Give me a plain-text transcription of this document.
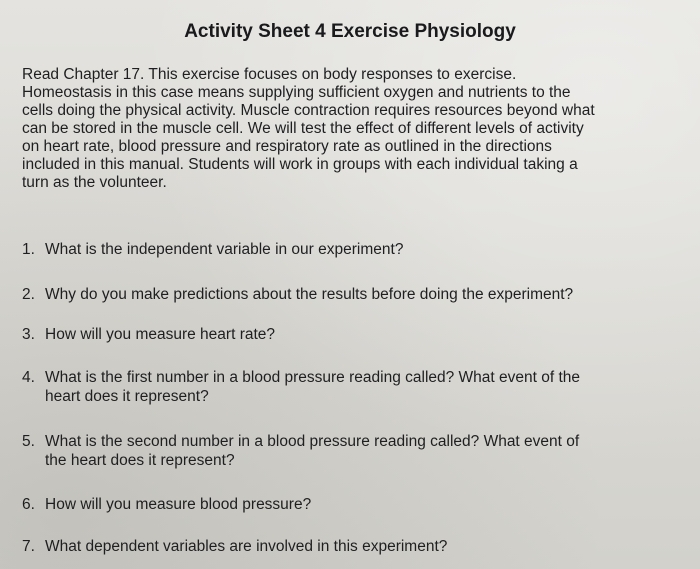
Activity Sheet 4 Exercise Physiology
Read Chapter 17. This exercise focuses on body responses to exercise.
Homeostasis in this case means supplying sufficient oxygen and nutrients to the
cells doing the physical activity. Muscle contraction requires resources beyond what
can be stored in the muscle cell. We will test the effect of different levels of activity
on heart rate, blood pressure and respiratory rate as outlined in the directions
included in this manual. Students will work in groups with each individual taking a
turn as the volunteer.
1. What is the independent variable in our experiment?
2. Why do you make predictions about the results before doing the experiment?
3. How will you measure heart rate?
4. What is the first number in a blood pressure reading called? What event of the
heart does it represent?
5. What is the second number in a blood pressure reading called? What event of
the heart does it represent?
6. How will you measure blood pressure?
7. What dependent variables are involved in this experiment?
